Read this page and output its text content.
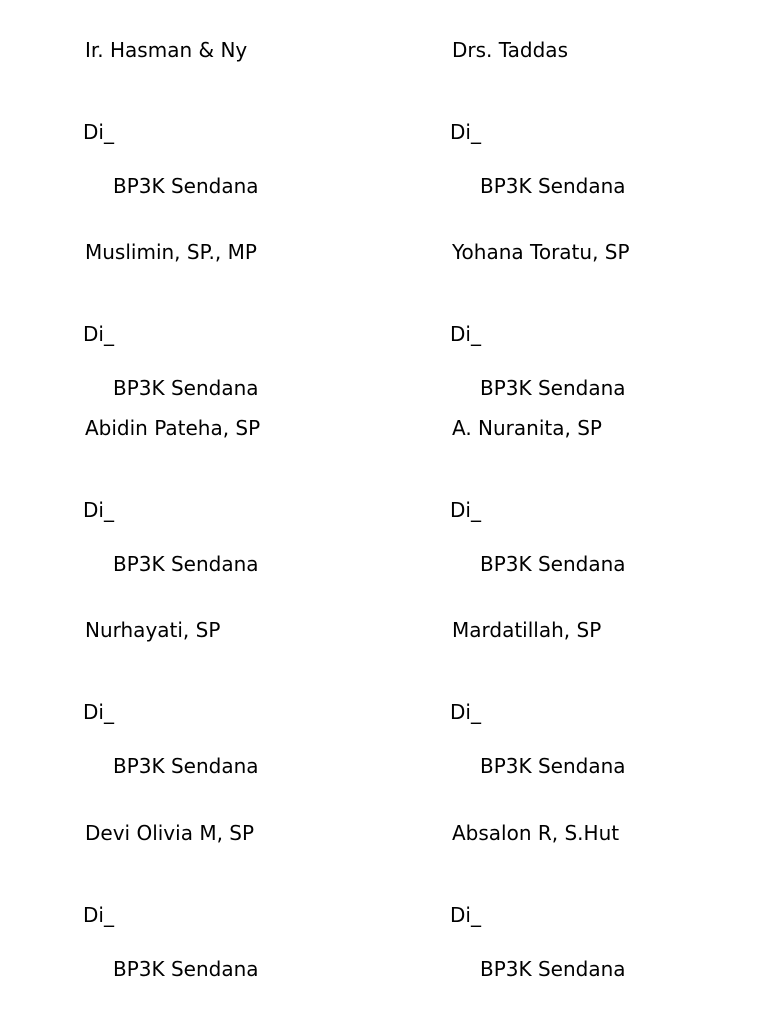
Ir. Hasman & Ny
Di_
BP3K Sendana
Drs. Taddas
Di_
BP3K Sendana
Muslimin, SP., MP
Di_
BP3K Sendana
Yohana Toratu, SP
Di_
BP3K Sendana
Abidin Pateha, SP
Di_
BP3K Sendana
A. Nuranita, SP
Di_
BP3K Sendana
Nurhayati, SP
Di_
BP3K Sendana
Mardatillah, SP
Di_
BP3K Sendana
Devi Olivia M, SP
Di_
BP3K Sendana
Absalon R, S.Hut
Di_
BP3K Sendana
